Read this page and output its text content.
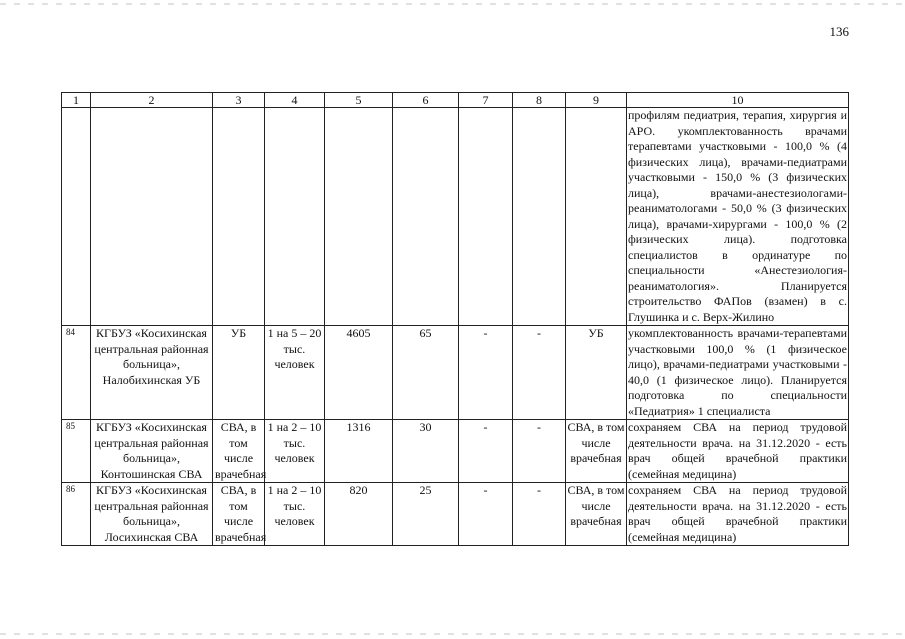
136
1	2	3	4	5	6	7	8	9	10
									профилям педиатрия, терапия, хирургия и АРО. укомплектованность врачами терапевтами участковыми - 100,0 % (4 физических лица), врачами-педиатрами участковыми - 150,0 % (3 физических лица), врачами-анестезиологами-реаниматологами - 50,0 % (3 физических лица), врачами-хирургами - 100,0 % (2 физических лица). подготовка специалистов в ординатуре по специальности «Анестезиология-реаниматология». Планируется строительство ФАПов (взамен) в с. Глушинка и с. Верх-Жилино
84	КГБУЗ «Косихинская центральная районная больница», Налобихинская УБ	УБ	1 на 5 – 20 тыс. человек	4605	65	-	-	УБ	укомплектованность врачами-терапевтами участковыми 100,0 % (1 физическое лицо), врачами-педиатрами участковыми - 40,0 (1 физическое лицо). Планируется подготовка по специальности «Педиатрия» 1 специалиста
85	КГБУЗ «Косихинская центральная районная больница», Контошинская СВА	СВА, в том числе врачебная	1 на 2 – 10 тыс. человек	1316	30	-	-	СВА, в том числе врачебная	сохраняем СВА на период трудовой деятельности врача. на 31.12.2020 - есть врач общей врачебной практики (семейная медицина)
86	КГБУЗ «Косихинская центральная районная больница», Лосихинская СВА	СВА, в том числе врачебная	1 на 2 – 10 тыс. человек	820	25	-	-	СВА, в том числе врачебная	сохраняем СВА на период трудовой деятельности врача. на 31.12.2020 - есть врач общей врачебной практики (семейная медицина)
